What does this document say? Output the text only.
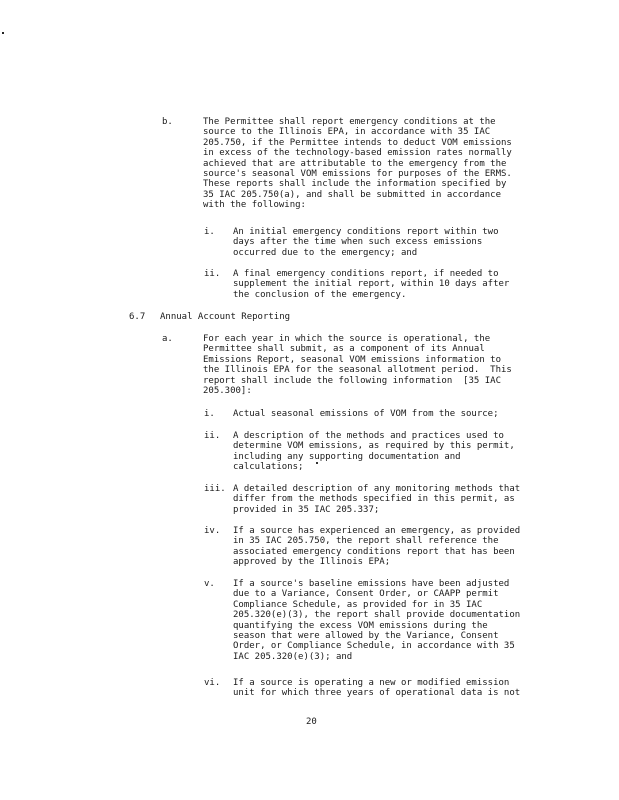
b.	The Permittee shall report emergency conditions at the
source to the Illinois EPA, in accordance with 35 IAC
205.750, if the Permittee intends to deduct VOM emissions
in excess of the technology-based emission rates normally
achieved that are attributable to the emergency from the
source's seasonal VOM emissions for purposes of the ERMS.
These reports shall include the information specified by
35 IAC 205.750(a), and shall be submitted in accordance
with the following:
i. An initial emergency conditions report within two
days after the time when such excess emissions
occurred due to the emergency; and
ii. A final emergency conditions report, if needed to
supplement the initial report, within 10 days after
the conclusion of the emergency.
6.7 Annual Account Reporting
a.	For each year in which the source is operational, the
Permittee shall submit, as a component of its Annual
Emissions Report, seasonal VOM emissions information to
the Illinois EPA for the seasonal allotment period.  This
report shall include the following information  [35 IAC
205.300]:
i. Actual seasonal emissions of VOM from the source;
ii. A description of the methods and practices used to
determine VOM emissions, as required by this permit,
including any supporting documentation and
calculations;
iii. A detailed description of any monitoring methods that
differ from the methods specified in this permit, as
provided in 35 IAC 205.337;
iv. If a source has experienced an emergency, as provided
in 35 IAC 205.750, the report shall reference the
associated emergency conditions report that has been
approved by the Illinois EPA;
v. If a source's baseline emissions have been adjusted
due to a Variance, Consent Order, or CAAPP permit
Compliance Schedule, as provided for in 35 IAC
205.320(e)(3), the report shall provide documentation
quantifying the excess VOM emissions during the
season that were allowed by the Variance, Consent
Order, or Compliance Schedule, in accordance with 35
IAC 205.320(e)(3); and
vi. If a source is operating a new or modified emission
unit for which three years of operational data is not
20
